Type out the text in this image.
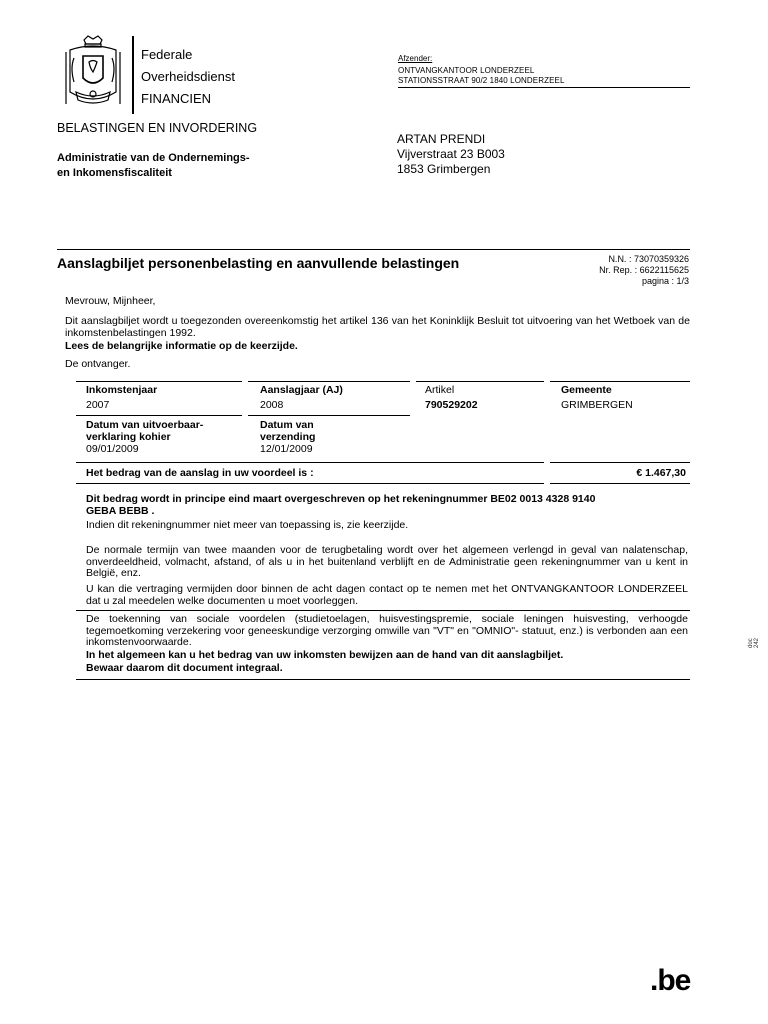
Federale
Overheidsdienst
FINANCIEN
Afzender:
ONTVANGKANTOOR LONDERZEEL
STATIONSSTRAAT 90/2 1840 LONDERZEEL
BELASTINGEN EN INVORDERING
Administratie van de Ondernemings-
en Inkomensfiscaliteit
ARTAN PRENDI
Vijverstraat 23 B003
1853 Grimbergen
Aanslagbiljet personenbelasting en aanvullende belastingen	N.N. : 73070359326
Nr. Rep. : 6622115625
pagina : 1/3
Mevrouw, Mijnheer,
Dit aanslagbiljet wordt u toegezonden overeenkomstig het artikel 136 van het Koninklijk Besluit tot uitvoering van het Wetboek van de inkomstenbelastingen 1992.
Lees de belangrijke informatie op de keerzijde.
De ontvanger.
Inkomstenjaar
2007
Aanslagjaar (AJ)
2008
Artikel
790529202
Gemeente
GRIMBERGEN
Datum van uitvoerbaar-
verklaring kohier
09/01/2009
Datum van
verzending
12/01/2009
Het bedrag van de aanslag in uw voordeel is :	€ 1.467,30
Dit bedrag wordt in principe eind maart overgeschreven op het rekeningnummer BE02 0013 4328 9140
GEBA BEBB .
Indien dit rekeningnummer niet meer van toepassing is, zie keerzijde.
De normale termijn van twee maanden voor de terugbetaling wordt over het algemeen verlengd in geval van nalatenschap, onverdeeldheid, volmacht, afstand, of als u in het buitenland verblijft en de Administratie geen rekeningnummer van u kent in België, enz.
U kan die vertraging vermijden door binnen de acht dagen contact op te nemen met het ONTVANGKANTOOR LONDERZEEL dat u zal meedelen welke documenten u moet voorleggen.
De toekenning van sociale voordelen (studietoelagen, huisvestingspremie, sociale leningen huisvesting, verhoogde tegemoetkoming verzekering voor geneeskundige verzorging omwille van "VT" en "OMNIO"- statuut, enz.) is verbonden aan een inkomstenvoorwaarde.
In het algemeen kan u het bedrag van uw inkomsten bewijzen aan de hand van dit aanslagbiljet.
Bewaar daarom dit document integraal.
doc 242
.be
